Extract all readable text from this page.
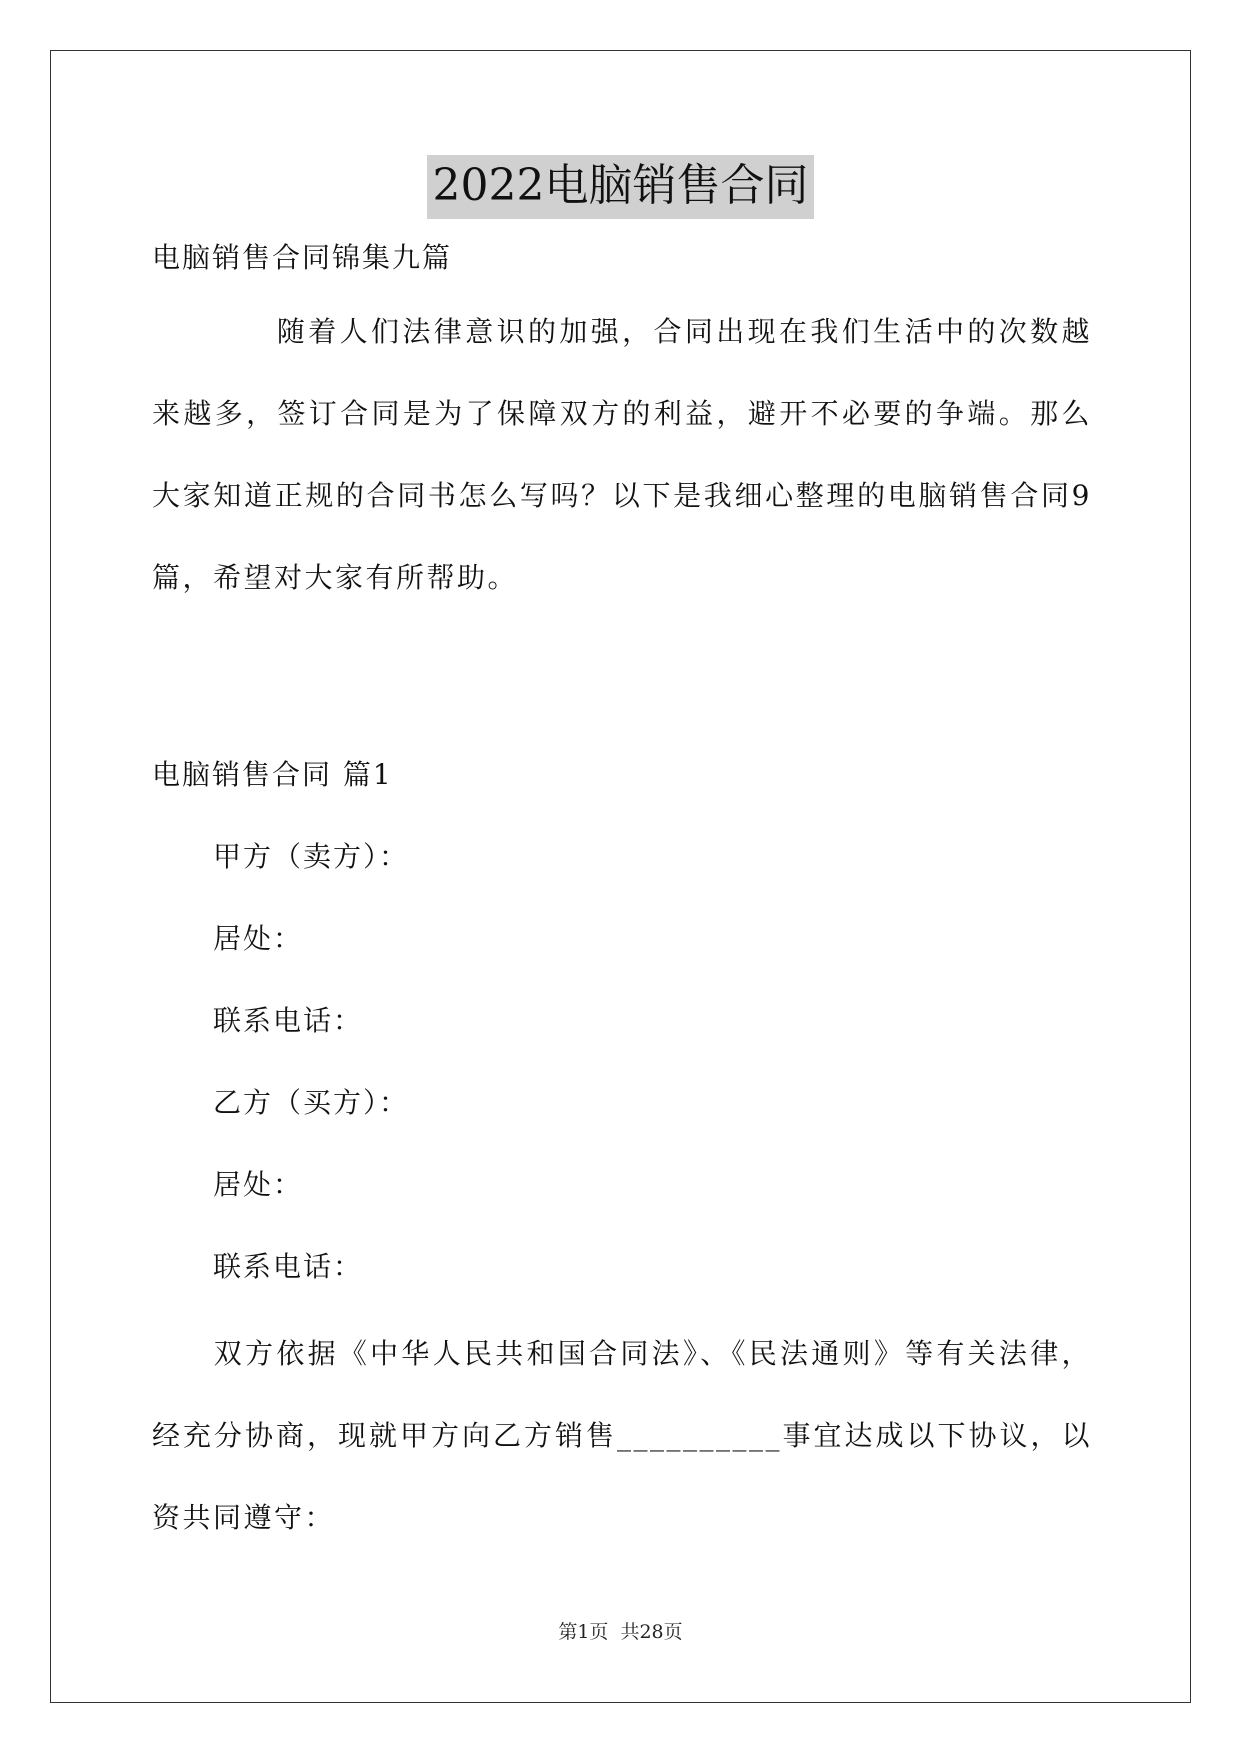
2022电脑销售合同
电脑销售合同锦集九篇
随着人们法律意识的加强，合同出现在我们生活中的次数越来越多，签订合同是为了保障双方的利益，避开不必要的争端。那么大家知道正规的合同书怎么写吗？以下是我细心整理的电脑销售合同9篇，希望对大家有所帮助。
电脑销售合同 篇1
甲方（卖方）：
居处：
联系电话：
乙方（买方）：
居处：
联系电话：
双方依据《中华人民共和国合同法》、《民法通则》等有关法律，经充分协商，现就甲方向乙方销售__________事宜达成以下协议，以资共同遵守：
第1页 共28页
